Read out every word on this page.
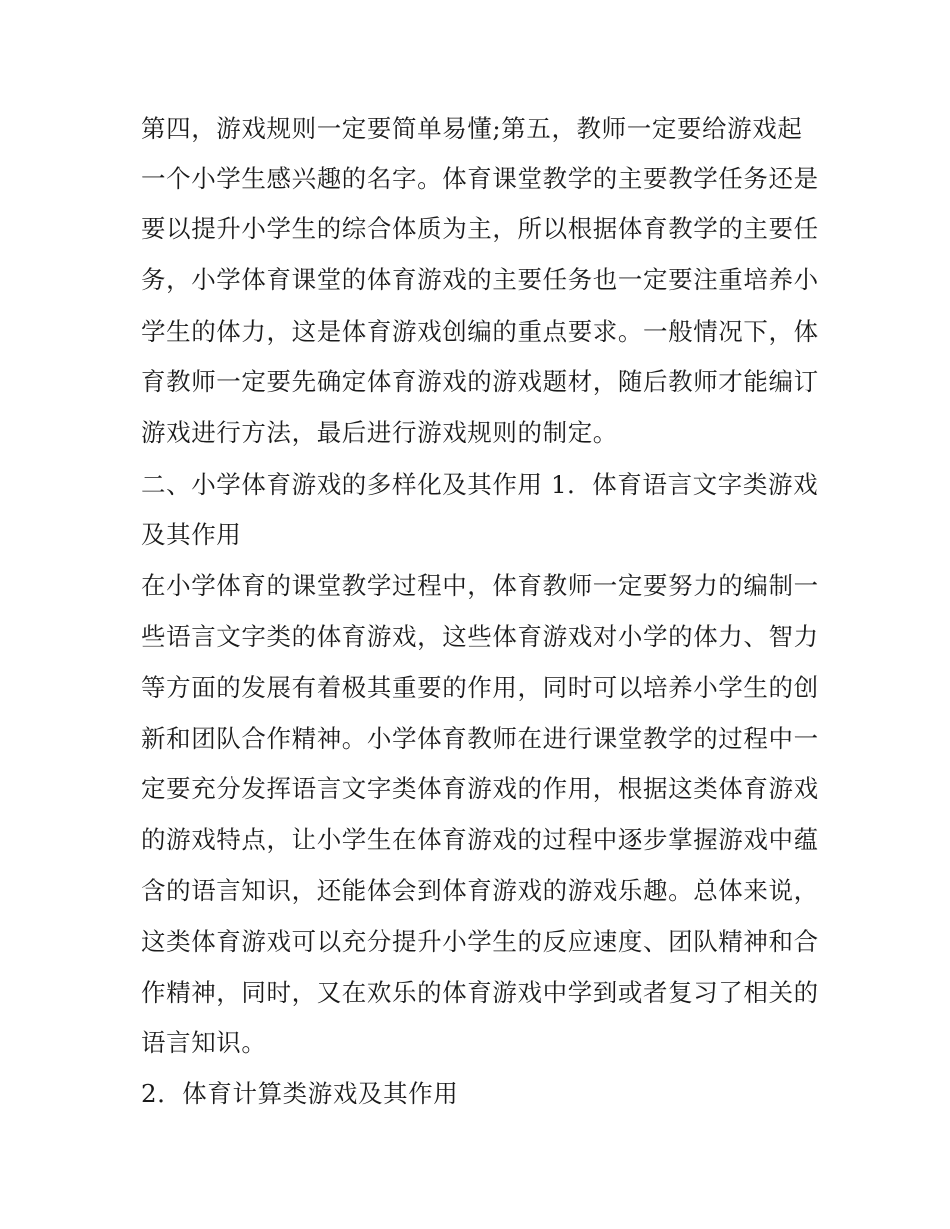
第四，游戏规则一定要简单易懂;第五，教师一定要给游戏起
一个小学生感兴趣的名字。体育课堂教学的主要教学任务还是
要以提升小学生的综合体质为主，所以根据体育教学的主要任
务，小学体育课堂的体育游戏的主要任务也一定要注重培养小
学生的体力，这是体育游戏创编的重点要求。一般情况下，体
育教师一定要先确定体育游戏的游戏题材，随后教师才能编订
游戏进行方法，最后进行游戏规则的制定。
二、小学体育游戏的多样化及其作用 1．体育语言文字类游戏
及其作用
在小学体育的课堂教学过程中，体育教师一定要努力的编制一
些语言文字类的体育游戏，这些体育游戏对小学的体力、智力
等方面的发展有着极其重要的作用，同时可以培养小学生的创
新和团队合作精神。小学体育教师在进行课堂教学的过程中一
定要充分发挥语言文字类体育游戏的作用，根据这类体育游戏
的游戏特点，让小学生在体育游戏的过程中逐步掌握游戏中蕴
含的语言知识，还能体会到体育游戏的游戏乐趣。总体来说，
这类体育游戏可以充分提升小学生的反应速度、团队精神和合
作精神，同时，又在欢乐的体育游戏中学到或者复习了相关的
语言知识。
2．体育计算类游戏及其作用
